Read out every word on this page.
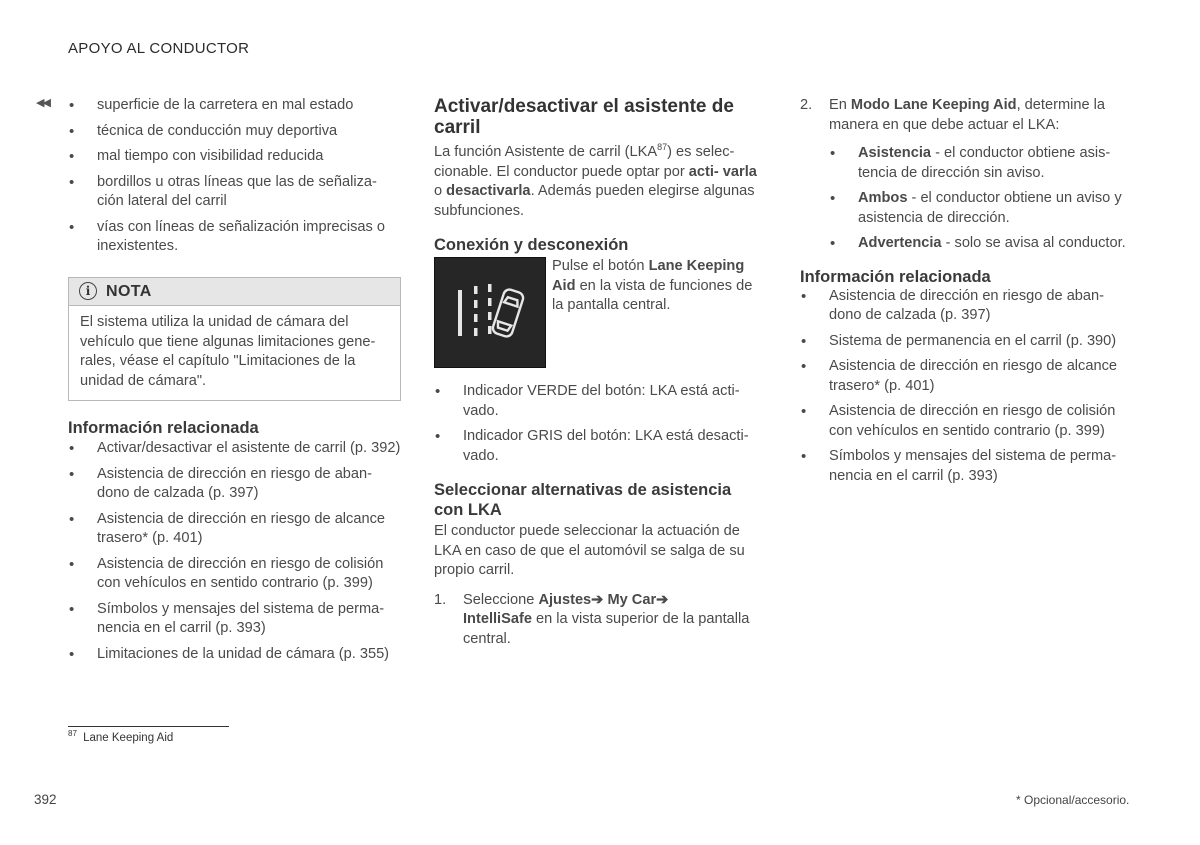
APOYO AL CONDUCTOR
◀◀
•	superficie de la carretera en mal estado
• técnica de conducción muy deportiva
• mal tiempo con visibilidad reducida
• bordillos u otras líneas que las de señaliza- ción lateral del carril
• vías con líneas de señalización imprecisas o inexistentes.
i NOTA
El sistema utiliza la unidad de cámara del vehículo que tiene algunas limitaciones gene- rales, véase el capítulo "Limitaciones de la unidad de cámara".
Información relacionada
• Activar/desactivar el asistente de carril (p. 392)
• Asistencia de dirección en riesgo de aban- dono de calzada (p. 397)
• Asistencia de dirección en riesgo de alcance trasero* (p. 401)
• Asistencia de dirección en riesgo de colisión con vehículos en sentido contrario (p. 399)
• Símbolos y mensajes del sistema de perma- nencia en el carril (p. 393)
• Limitaciones de la unidad de cámara (p. 355)
Activar/desactivar el asistente de carril

La función Asistente de carril (LKA$^{87}$) es selec- cionable. El conductor puede optar por acti- varla o desactivarla. Además pueden elegirse algunas subfunciones.

Conexión y desconexión

Pulse el botón Lane Keeping Aid en la vista de funciones de la pantalla central.

• Indicador VERDE del botón: LKA está acti- vado.
• Indicador GRIS del botón: LKA está desacti- vado.
Seleccionar alternativas de asistencia con LKA

El conductor puede seleccionar la actuación de LKA en caso de que el automóvil se salga de su propio carril.

1. Seleccione Ajustes➔ My Car➔
IntelliSafe en la vista superior de la pantalla central.
2. En Modo Lane Keeping Aid, determine la manera en que debe actuar el LKA:
• Asistencia - el conductor obtiene asis- tencia de dirección sin aviso.
• Ambos - el conductor obtiene un aviso y asistencia de dirección.
• Advertencia - solo se avisa al conductor.
Información relacionada
• Asistencia de dirección en riesgo de aban- dono de calzada (p. 397)
• Sistema de permanencia en el carril (p. 390)
• Asistencia de dirección en riesgo de alcance trasero* (p. 401)
• Asistencia de dirección en riesgo de colisión con vehículos en sentido contrario (p. 399)
• Símbolos y mensajes del sistema de perma- nencia en el carril (p. 393)
$^{87}$ Lane Keeping Aid
392	* Opcional/accesorio.
